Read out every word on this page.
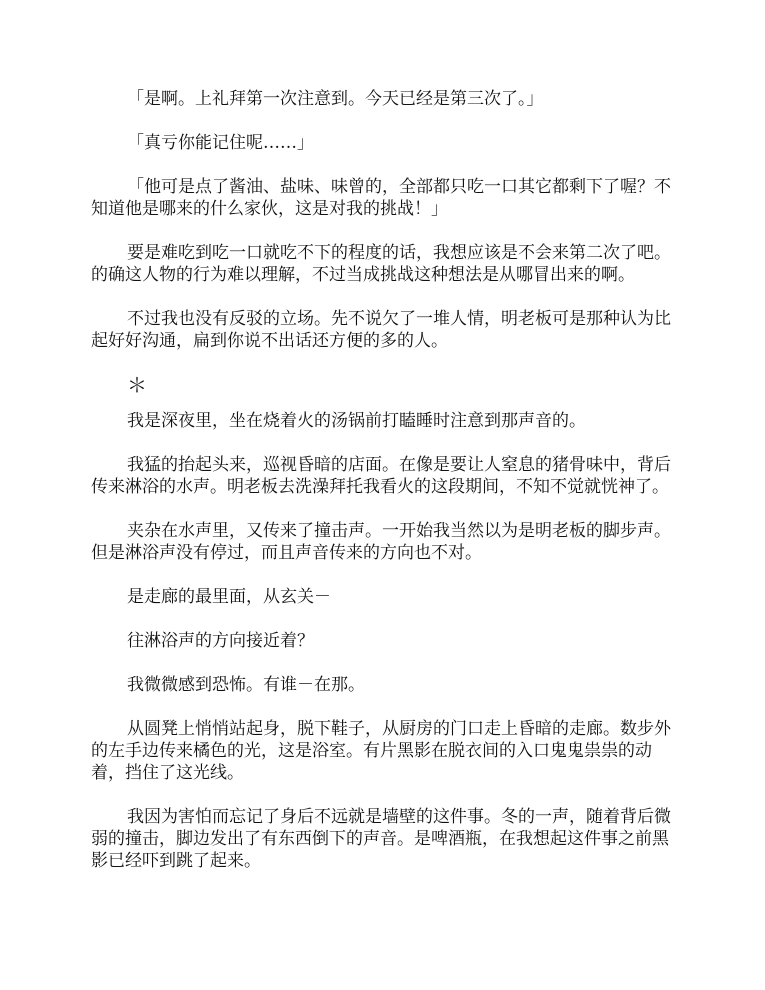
「是啊。上礼拜第一次注意到。今天已经是第三次了。」

「真亏你能记住呢……」

「他可是点了酱油、盐味、味曾的，全部都只吃一口其它都剩下了喔？不知道他是哪来的什么家伙，这是对我的挑战！」

要是难吃到吃一口就吃不下的程度的话，我想应该是不会来第二次了吧。的确这人物的行为难以理解，不过当成挑战这种想法是从哪冒出来的啊。

不过我也没有反驳的立场。先不说欠了一堆人情，明老板可是那种认为比起好好沟通，扁到你说不出话还方便的多的人。

＊

我是深夜里，坐在烧着火的汤锅前打瞌睡时注意到那声音的。

我猛的抬起头来，巡视昏暗的店面。在像是要让人窒息的猪骨味中，背后传来淋浴的水声。明老板去洗澡拜托我看火的这段期间，不知不觉就恍神了。

夹杂在水声里，又传来了撞击声。一开始我当然以为是明老板的脚步声。但是淋浴声没有停过，而且声音传来的方向也不对。

是走廊的最里面，从玄关－

往淋浴声的方向接近着？

我微微感到恐怖。有谁－在那。

从圆凳上悄悄站起身，脱下鞋子，从厨房的门口走上昏暗的走廊。数步外的左手边传来橘色的光，这是浴室。有片黑影在脱衣间的入口鬼鬼祟祟的动着，挡住了这光线。

我因为害怕而忘记了身后不远就是墙壁的这件事。冬的一声，随着背后微弱的撞击，脚边发出了有东西倒下的声音。是啤酒瓶，在我想起这件事之前黑影已经吓到跳了起来。
